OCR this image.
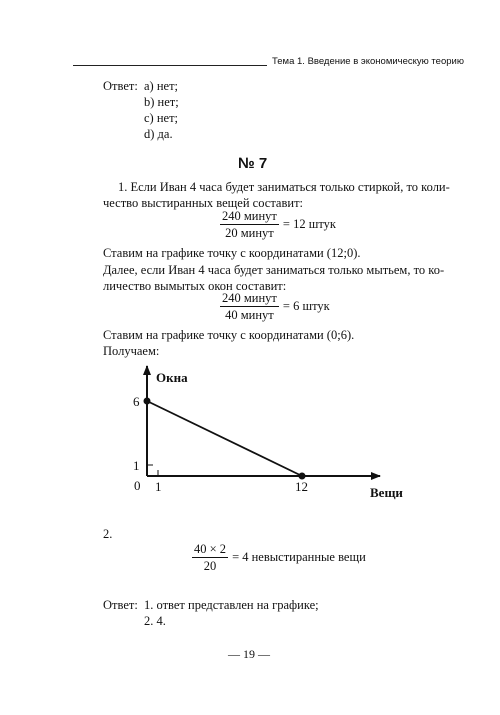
Тема 1. Введение в экономическую теорию
Ответ: а) нет;
b) нет;
c) нет;
d) да.
№ 7
1. Если Иван 4 часа будет заниматься только стиркой, то коли-
чество выстиранных вещей составит:
$\frac{\text{240 минут}}{\text{20 минут}} = 12$ штук
Ставим на графике точку с координатами (12;0).
Далее, если Иван 4 часа будет заниматься только мытьем, то ко-
личество вымытых окон составит:
$\frac{\text{240 минут}}{\text{40 минут}} = 6$ штук
Ставим на графике точку с координатами (0;6).
Получаем:
Окна
Вещи
6
1
0 1	12
2.
$\frac{40 \times 2}{20} = 4$ невыстиранные вещи
Ответ: 1. ответ представлен на графике;
2. 4.
— 19 —
